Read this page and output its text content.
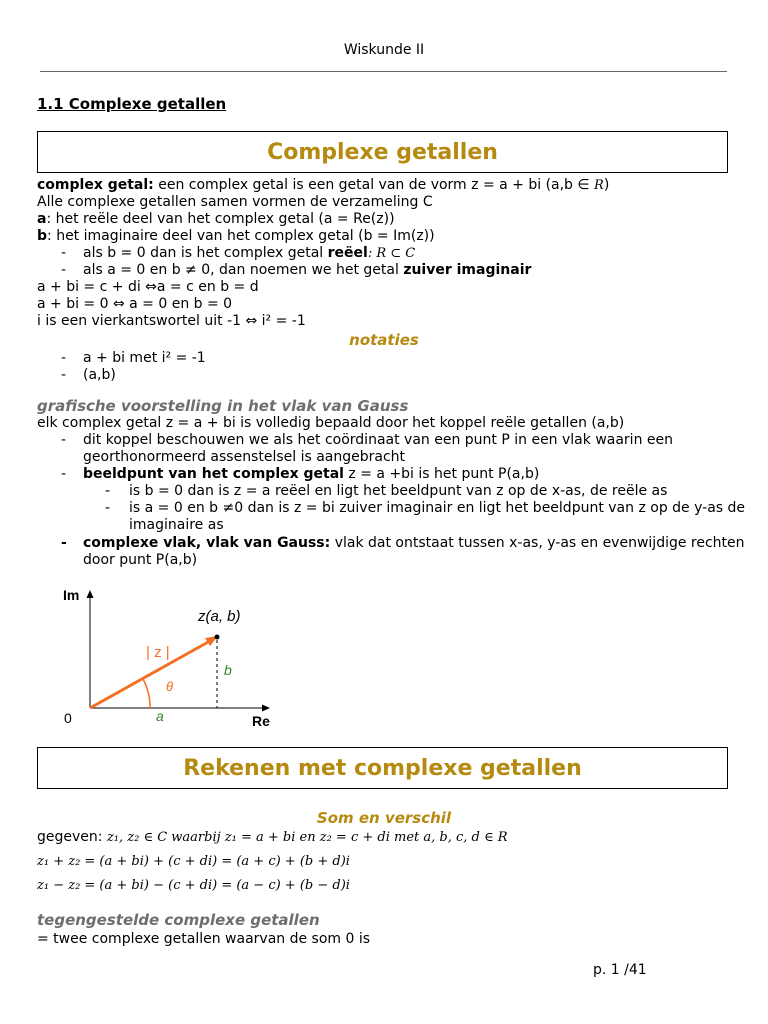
Wiskunde II
1.1 Complexe getallen
Complexe getallen
complex getal: een complex getal is een getal van de vorm z = a + bi (a,b ∈ R)
Alle complexe getallen samen vormen de verzameling C
a: het reële deel van het complex getal (a = Re(z))
b: het imaginaire deel van het complex getal (b = Im(z))
- als b = 0 dan is het complex getal reëel: R ⊂ C
- als a = 0 en b ≠ 0, dan noemen we het getal zuiver imaginair
a + bi = c + di ⇔a = c en b = d
a + bi = 0 ⇔ a = 0 en b = 0
i is een vierkantswortel uit -1 ⇔ i² = -1
notaties
- a + bi met i² = -1
- (a,b)
grafische voorstelling in het vlak van Gauss
elk complex getal z = a + bi is volledig bepaald door het koppel reële getallen (a,b)
- dit koppel beschouwen we als het coördinaat van een punt P in een vlak waarin een
georthonormeerd assenstelsel is aangebracht
- beeldpunt van het complex getal z = a +bi is het punt P(a,b)
- is b = 0 dan is z = a reëel en ligt het beeldpunt van z op de x-as, de reële as
- is a = 0 en b ≠0 dan is z = bi zuiver imaginair en ligt het beeldpunt van z op de y-as de
imaginaire as
- complexe vlak, vlak van Gauss: vlak dat ontstaat tussen x-as, y-as en evenwijdige rechten
door punt P(a,b)
Im
Re
0
z(a, b)
| z |
θ
a
b
Rekenen met complexe getallen
Som en verschil
gegeven: z₁, z₂ ∈ C waarbij z₁ = a + bi en z₂ = c + di met a, b, c, d ∈ R
z₁ + z₂ = (a + bi) + (c + di) = (a + c) + (b + d)i
z₁ − z₂ = (a + bi) − (c + di) = (a − c) + (b − d)i
tegengestelde complexe getallen
= twee complexe getallen waarvan de som 0 is
p. 1 /41
